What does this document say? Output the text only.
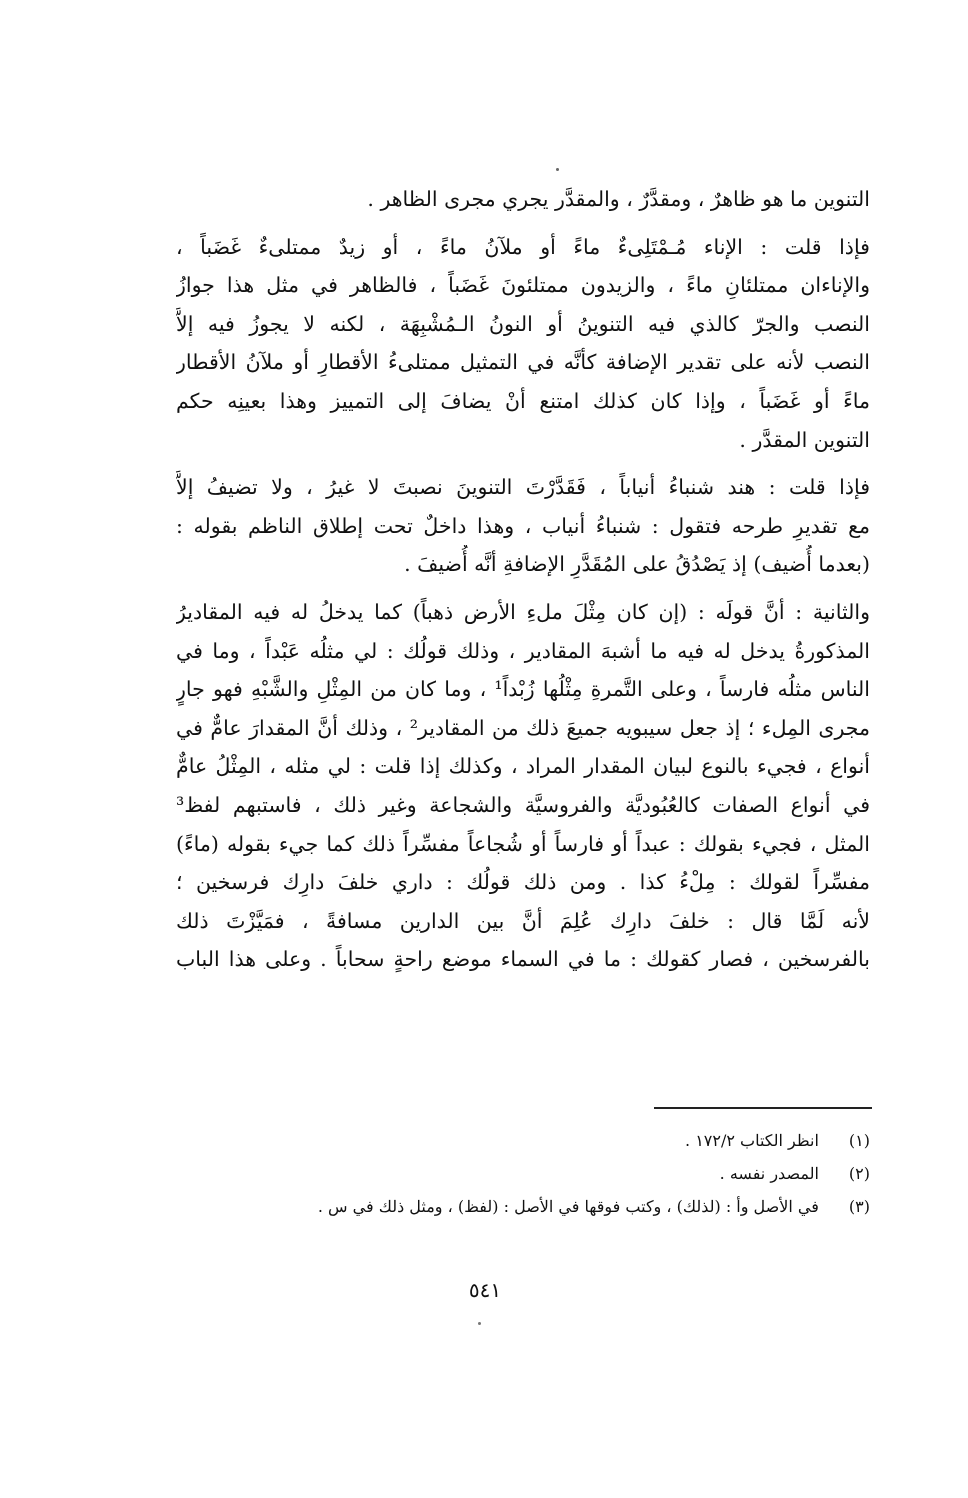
التنوين ما هو ظاهرٌ ، ومقدَّرٌ ، والمقدَّر يجري مجرى الظاهر .
فإذا قلت : الإناء مُـمْتَلِىءٌ ماءً أو ملآنُ ماءً ، أو زيدٌ ممتلىءٌ غَضَباً ،
والإناءان ممتلئانِ ماءً ، والزيدون ممتلئونَ غَضَباً ، فالظاهر في مثل هذا جوازُ
النصب والجرّ كالذي فيه التنوينُ أو النونُ الـمُشْبِهَة ، لكنه لا يجوزُ فيه إلاَّ
النصب لأنه على تقدير الإضافة كأنَّه في التمثيل ممتلىءُ الأقطارِ أو ملآنُ الأقطار
ماءً أو غَضَباً ، وإذا كان كذلك امتنع أنْ يضافَ إلى التمييز وهذا بعينِه حكم
التنوين المقدَّر .
فإذا قلت : هند شنباءُ أنياباً ، فَقَدَّرْتَ التنوينَ نصبتَ لا غيرُ ، ولا تضيفُ إلاَّ
مع تقديرِ طرحه فتقول : شنباءُ أنياب ، وهذا داخلٌ تحت إطلاق الناظم بقوله :
(بعدما أُضيف) إذ يَصْدُقُ على المُقَدَّرِ الإضافةِ أنَّه أُضيفَ .
والثانية : أنَّ قولَه : (إن كان مِثْلَ ملءِ الأرض ذهباً) كما يدخلُ له فيه المقاديرُ
المذكورةُ يدخل له فيه ما أشبهَ المقادير ، وذلك قولُك : لي مثلُه عَبْداً ، وما في
الناس مثلُه فارساً ، وعلى التَّمرةِ مِثْلُها زُبْداً¹ ، وما كان من المِثْلِ والشَّبْهِ فهو جارٍ
مجرى المِلء ؛ إذ جعل سيبويه جميعَ ذلك من المقادير² ، وذلك أنَّ المقدارَ عامٌّ في
أنواع ، فجيء بالنوع لبيان المقدار المراد ، وكذلك إذا قلت : لي مثله ، المِثْلُ عامٌّ
في أنواع الصفات كالعُبُوديَّة والفروسيَّة والشجاعة وغير ذلك ، فاستبهم لفظ³
المثل ، فجيء بقولك : عبداً أو فارساً أو شُجاعاً مفسِّراً ذلك كما جيء بقوله (ماءً)
مفسِّراً لقولك : مِلْءُ كذا . ومن ذلك قولُك : داري خلفَ دارِك فرسخين ؛
لأنه لَمَّا قال : خلفَ دارِك عُلِمَ أنَّ بين الدارين مسافةً ، فمَيَّزْتَ ذلك
بالفرسخين ، فصار كقولك : ما في السماء موضع راحةٍ سحاباً . وعلى هذا الباب
(١) انظر الكتاب ١٧٢/٢ .
(٢) المصدر نفسه .
(٣) في الأصل وأ : (لذلك) ، وكتب فوقها في الأصل : (لفظ) ، ومثل ذلك في س .
٥٤١
